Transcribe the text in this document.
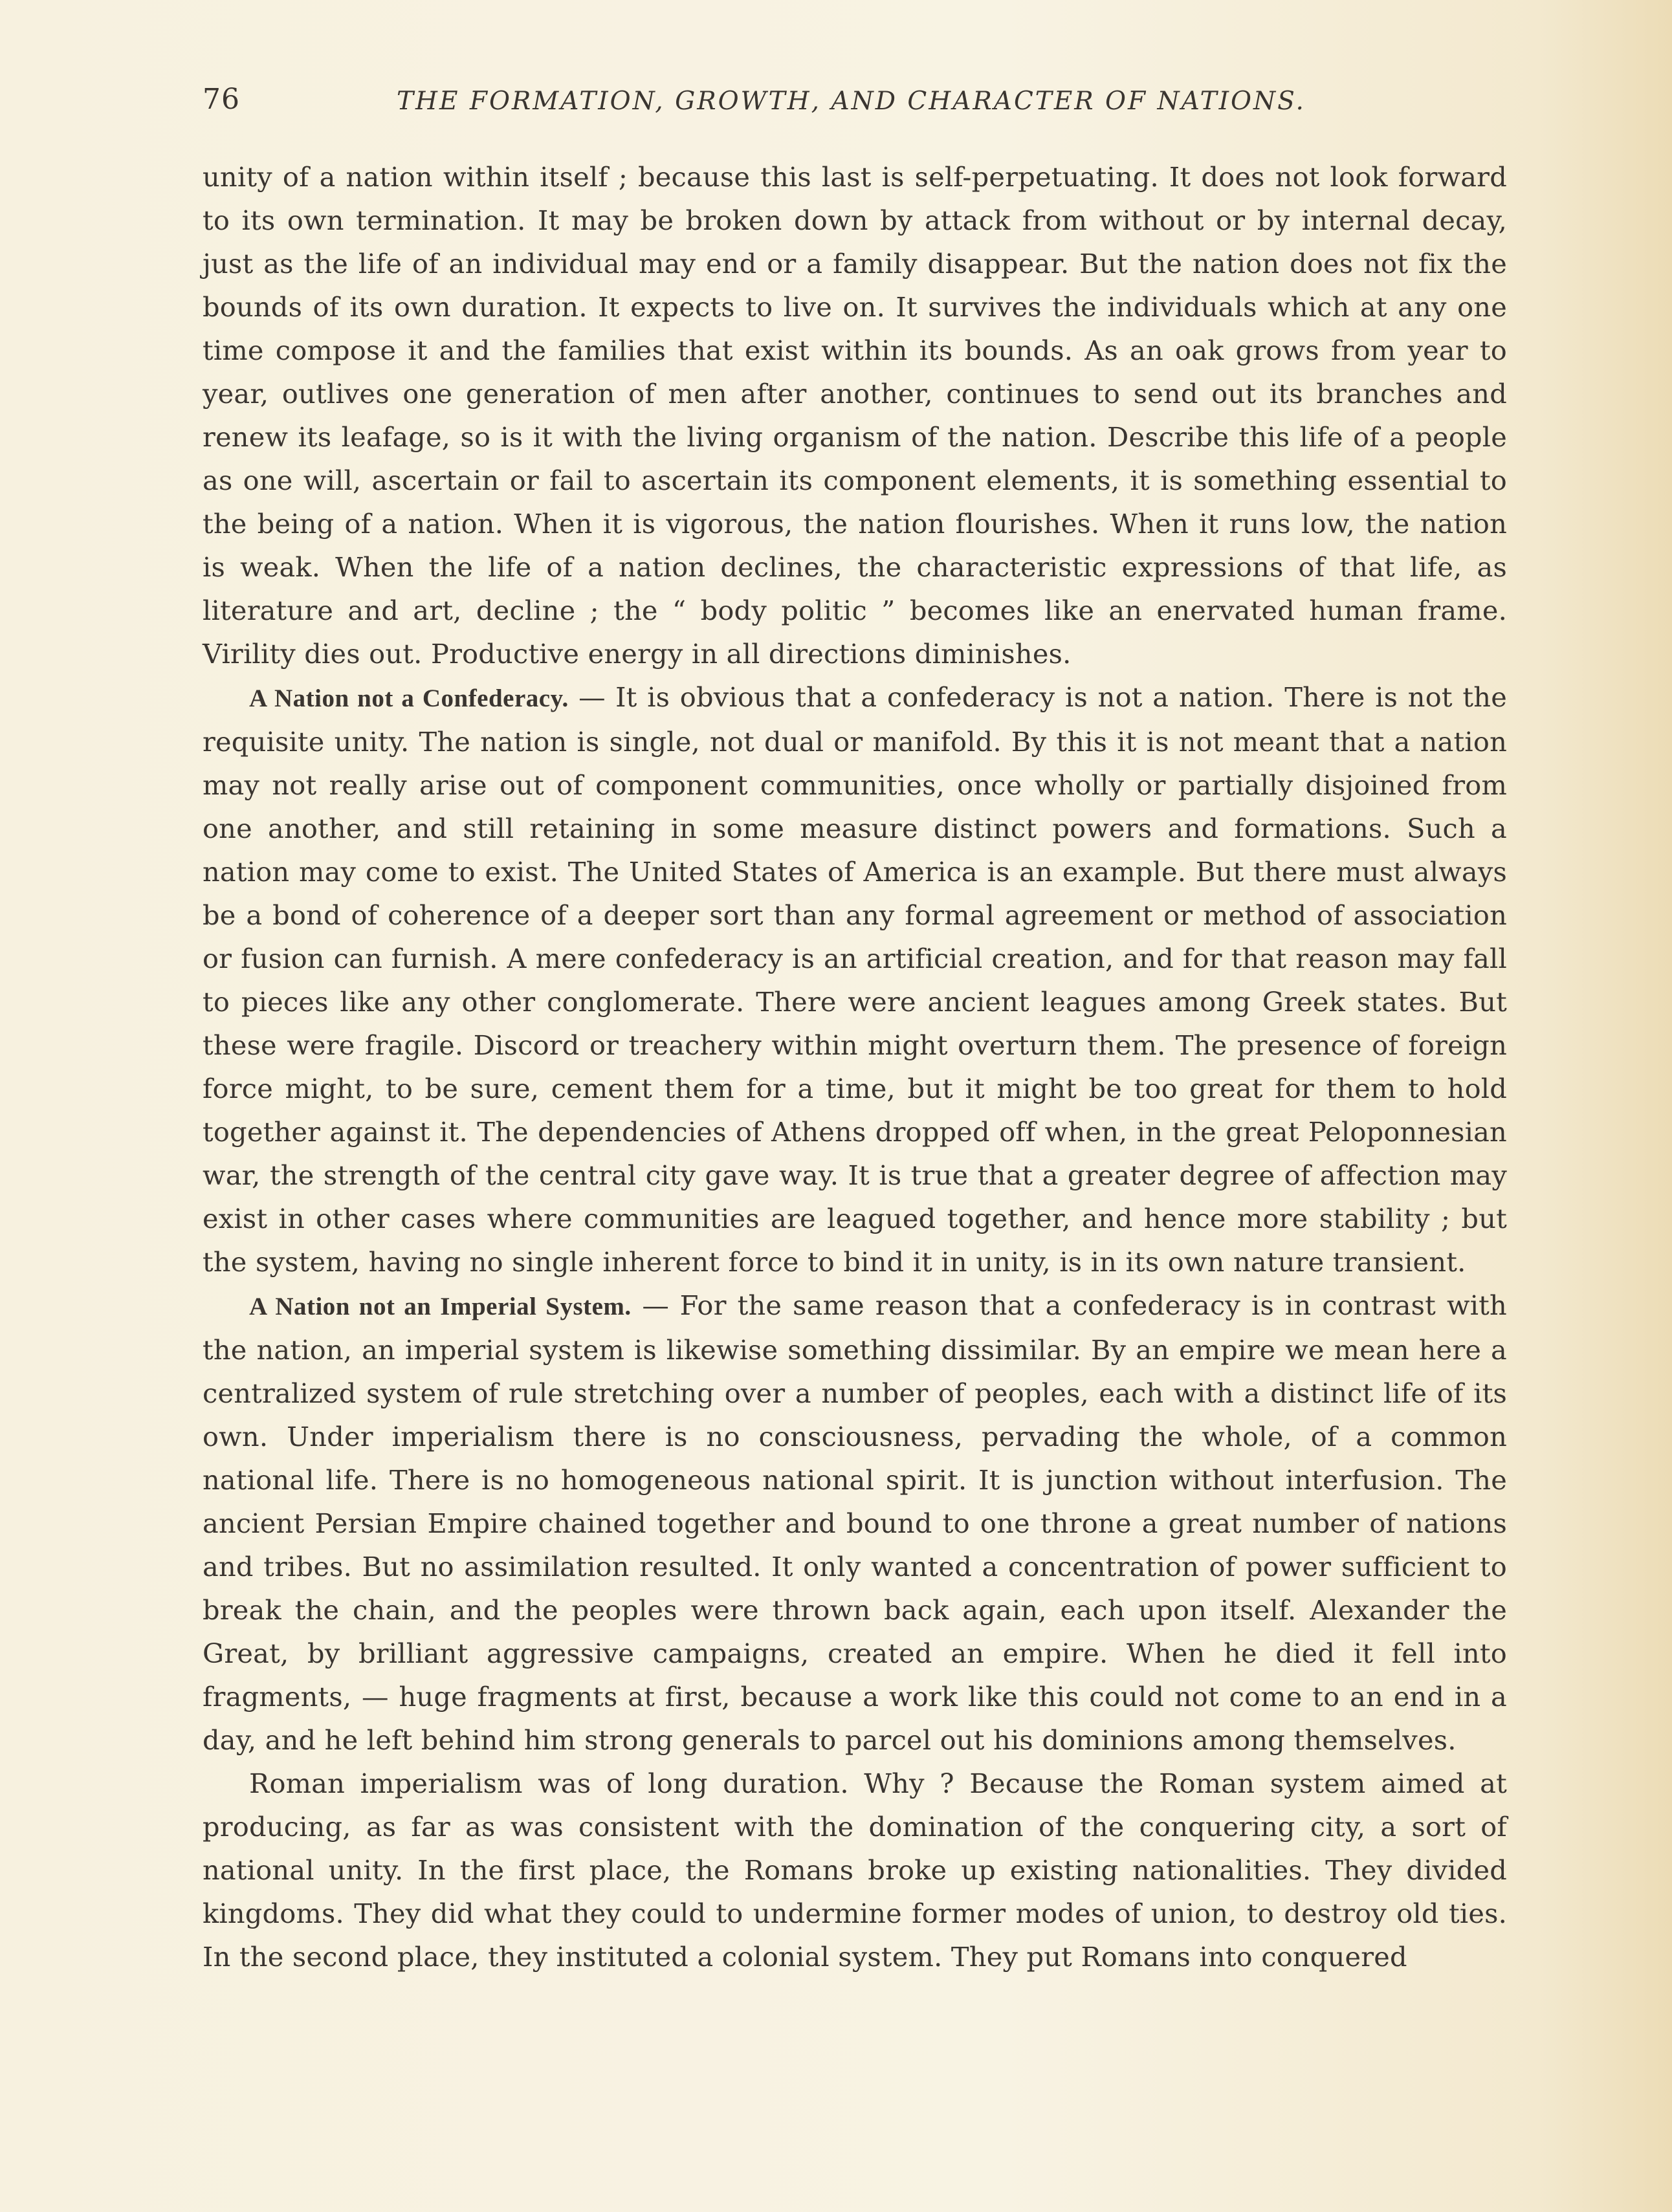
76	THE FORMATION, GROWTH, AND CHARACTER OF NATIONS.

unity of a nation within itself ; because this last is self-perpetuating. It does not look forward to its own termination. It may be broken down by attack from without or by internal decay, just as the life of an individual may end or a family disappear. But the nation does not fix the bounds of its own duration. It expects to live on. It survives the individuals which at any one time compose it and the families that exist within its bounds. As an oak grows from year to year, outlives one generation of men after another, continues to send out its branches and renew its leafage, so is it with the living organism of the nation. Describe this life of a people as one will, ascertain or fail to ascertain its component elements, it is something essential to the being of a nation. When it is vigorous, the nation flourishes. When it runs low, the nation is weak. When the life of a nation declines, the characteristic expressions of that life, as literature and art, decline ; the “ body politic ” becomes like an enervated human frame. Virility dies out. Productive energy in all directions diminishes.

A Nation not a Confederacy. — It is obvious that a confederacy is not a nation. There is not the requisite unity. The nation is single, not dual or manifold. By this it is not meant that a nation may not really arise out of component communities, once wholly or partially disjoined from one another, and still retaining in some measure distinct powers and formations. Such a nation may come to exist. The United States of America is an example. But there must always be a bond of coherence of a deeper sort than any formal agreement or method of association or fusion can furnish. A mere confederacy is an artificial creation, and for that reason may fall to pieces like any other conglomerate. There were ancient leagues among Greek states. But these were fragile. Discord or treachery within might overturn them. The presence of foreign force might, to be sure, cement them for a time, but it might be too great for them to hold together against it. The dependencies of Athens dropped off when, in the great Peloponnesian war, the strength of the central city gave way. It is true that a greater degree of affection may exist in other cases where communities are leagued together, and hence more stability ; but the system, having no single inherent force to bind it in unity, is in its own nature transient.

A Nation not an Imperial System. — For the same reason that a confederacy is in contrast with the nation, an imperial system is likewise something dissimilar. By an empire we mean here a centralized system of rule stretching over a number of peoples, each with a distinct life of its own. Under imperialism there is no consciousness, pervading the whole, of a common national life. There is no homogeneous national spirit. It is junction without interfusion. The ancient Persian Empire chained together and bound to one throne a great number of nations and tribes. But no assimilation resulted. It only wanted a concentration of power sufficient to break the chain, and the peoples were thrown back again, each upon itself. Alexander the Great, by brilliant aggressive campaigns, created an empire. When he died it fell into fragments, — huge fragments at first, because a work like this could not come to an end in a day, and he left behind him strong generals to parcel out his dominions among themselves.

Roman imperialism was of long duration. Why ? Because the Roman system aimed at producing, as far as was consistent with the domination of the conquering city, a sort of national unity. In the first place, the Romans broke up existing nationalities. They divided kingdoms. They did what they could to undermine former modes of union, to destroy old ties. In the second place, they instituted a colonial system. They put Romans into conquered
